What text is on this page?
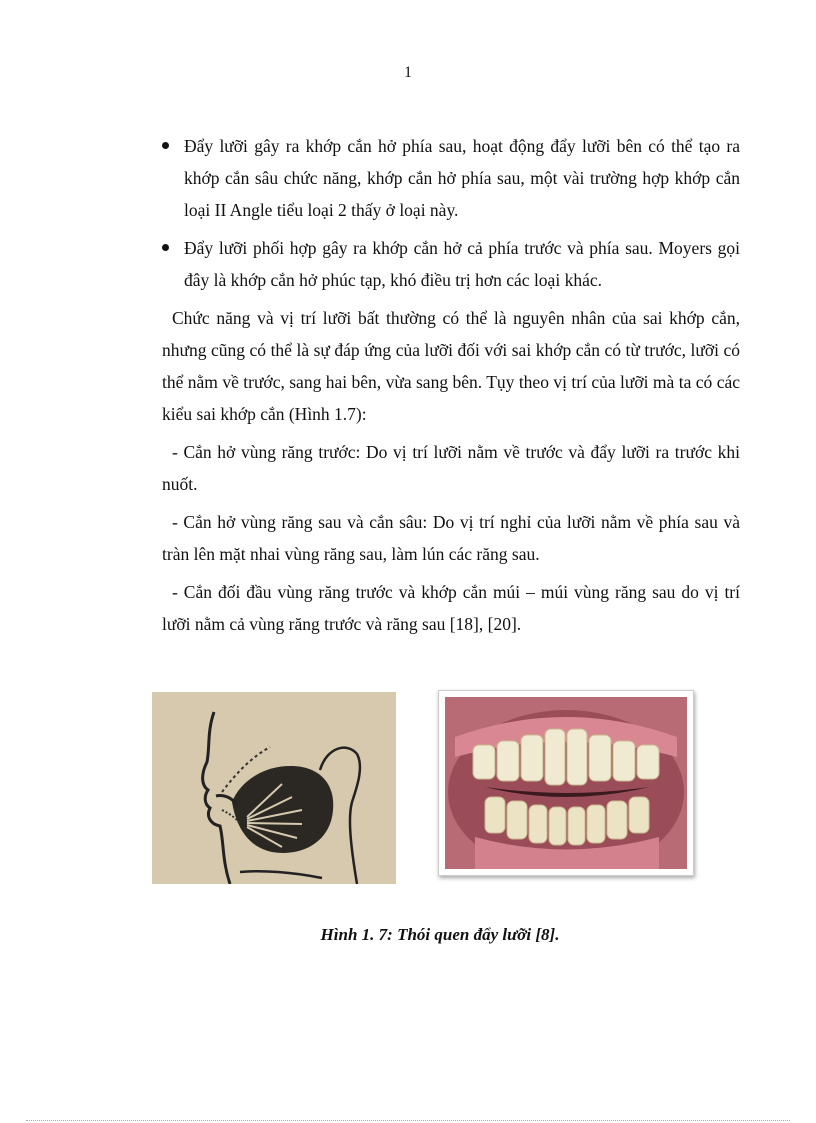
1
Đẩy lưỡi gây ra khớp cắn hở phía sau, hoạt động đẩy lưỡi bên có thể tạo ra khớp cắn sâu chức năng, khớp cắn hở phía sau, một vài trường hợp khớp cắn loại II Angle tiểu loại 2 thấy ở loại này.
Đẩy lưỡi phối hợp gây ra khớp cắn hở cả phía trước và phía sau. Moyers gọi đây là khớp cắn hở phúc tạp, khó điều trị hơn các loại khác.

Chức năng và vị trí lưỡi bất thường có thể là nguyên nhân của sai khớp cắn, nhưng cũng có thể là sự đáp ứng của lưỡi đối với sai khớp cắn có từ trước, lưỡi có thể nằm về trước, sang hai bên, vừa sang bên. Tụy theo vị trí của lưỡi mà ta có các kiểu sai khớp cắn (Hình 1.7):

- Cắn hở vùng răng trước: Do vị trí lưỡi nằm về trước và đẩy lưỡi ra trước khi nuốt.

- Cắn hở vùng răng sau và cắn sâu: Do vị trí nghỉ của lưỡi nằm về phía sau và tràn lên mặt nhai vùng răng sau, làm lún các răng sau.

- Cắn đối đầu vùng răng trước và khớp cắn múi – múi vùng răng sau do vị trí lưỡi nằm cả vùng răng trước và răng sau [18], [20].

Hình 1. 7: Thói quen đẩy lưỡi [8].
